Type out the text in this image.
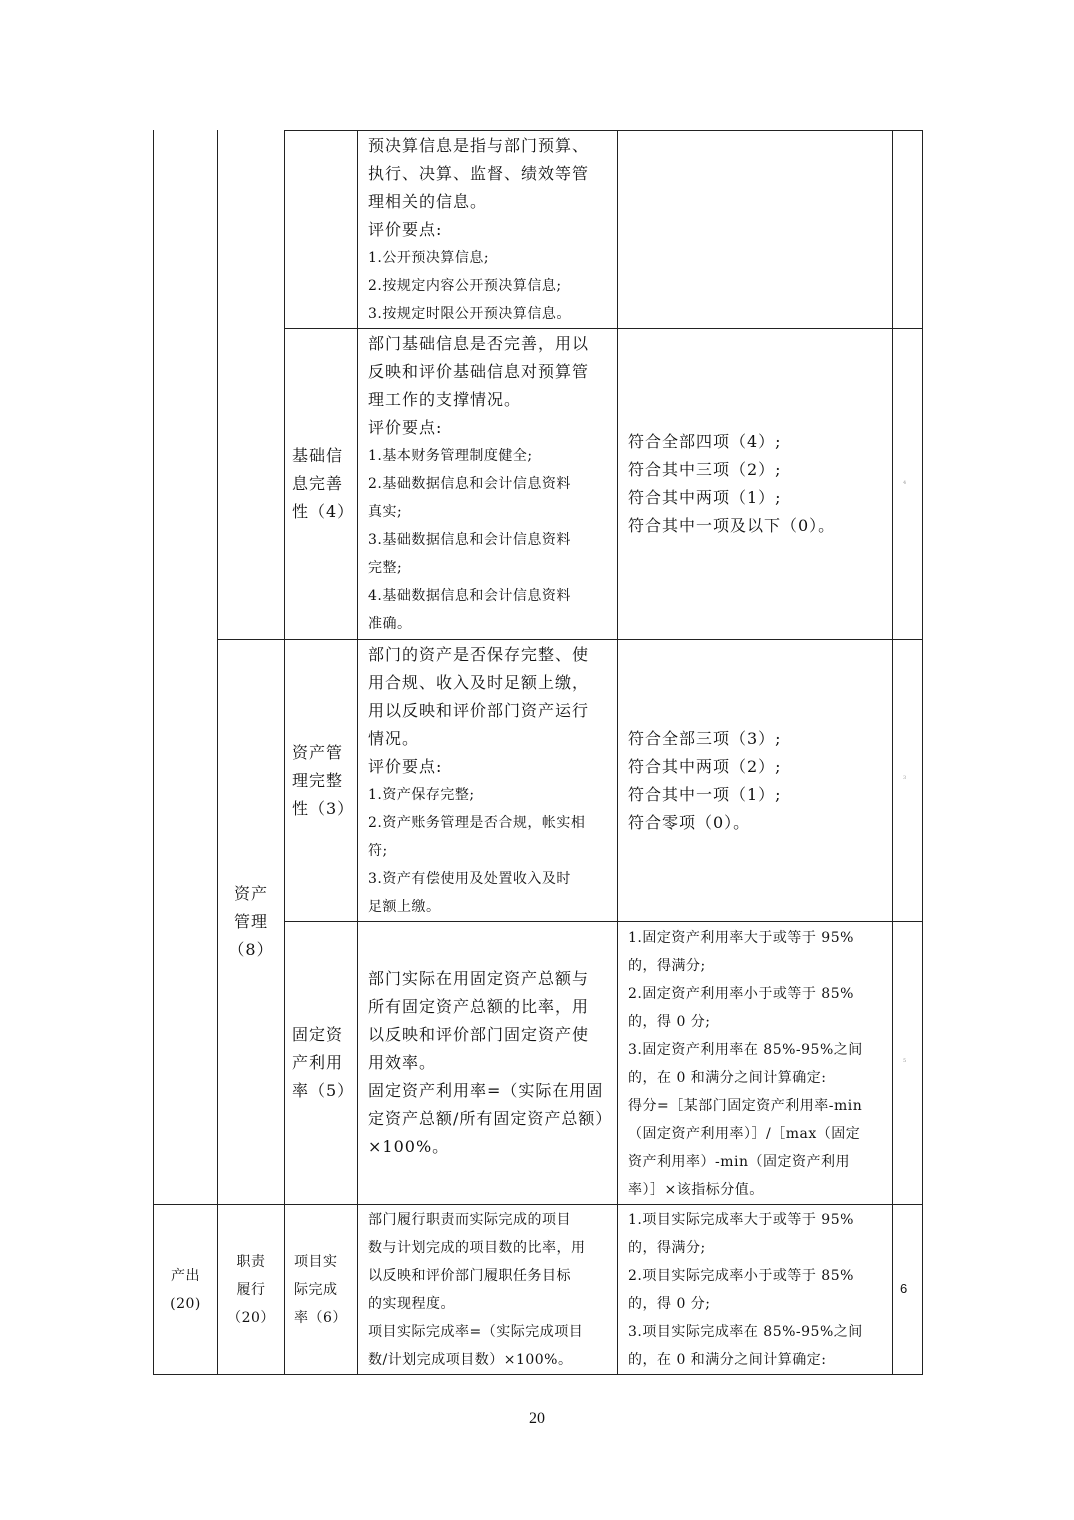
预决算信息是指与部门预算、
执行、决算、监督、绩效等管
理相关的信息。
评价要点:
1.公开预决算信息;
2.按规定内容公开预决算信息;
3.按规定时限公开预决算信息。
基础信
息完善
性（4）
部门基础信息是否完善，用以
反映和评价基础信息对预算管
理工作的支撑情况。
评价要点:
1.基本财务管理制度健全;
2.基础数据信息和会计信息资料
真实;
3.基础数据信息和会计信息资料
完整;
4.基础数据信息和会计信息资料
准确。
符合全部四项（4）;
符合其中三项（2）;
符合其中两项（1）;
符合其中一项及以下（0）。
4
资产
管理
（8）
资产管
理完整
性（3）
部门的资产是否保存完整、使
用合规、收入及时足额上缴，
用以反映和评价部门资产运行
情况。
评价要点:
1.资产保存完整;
2.资产账务管理是否合规，帐实相
符;
3.资产有偿使用及处置收入及时
足额上缴。
符合全部三项（3）;
符合其中两项（2）;
符合其中一项（1）;
符合零项（0）。
3
固定资
产利用
率（5）
部门实际在用固定资产总额与
所有固定资产总额的比率，用
以反映和评价部门固定资产使
用效率。
固定资产利用率=（实际在用固
定资产总额/所有固定资产总额）
×100%。
1.固定资产利用率大于或等于 95%
的，得满分;
2.固定资产利用率小于或等于 85%
的，得 0 分;
3.固定资产利用率在 85%-95%之间
的，在 0 和满分之间计算确定:
得分=［某部门固定资产利用率-min
（固定资产利用率）］/［max（固定
资产利用率）-min（固定资产利用
率）］×该指标分值。
5
产出
(20)
职责
履行
（20）
项目实
际完成
率（6）
部门履行职责而实际完成的项目
数与计划完成的项目数的比率，用
以反映和评价部门履职任务目标
的实现程度。
项目实际完成率=（实际完成项目
数/计划完成项目数）×100%。
1.项目实际完成率大于或等于 95%
的，得满分;
2.项目实际完成率小于或等于 85%
的，得 0 分;
3.项目实际完成率在 85%-95%之间
的，在 0 和满分之间计算确定:
6
20
